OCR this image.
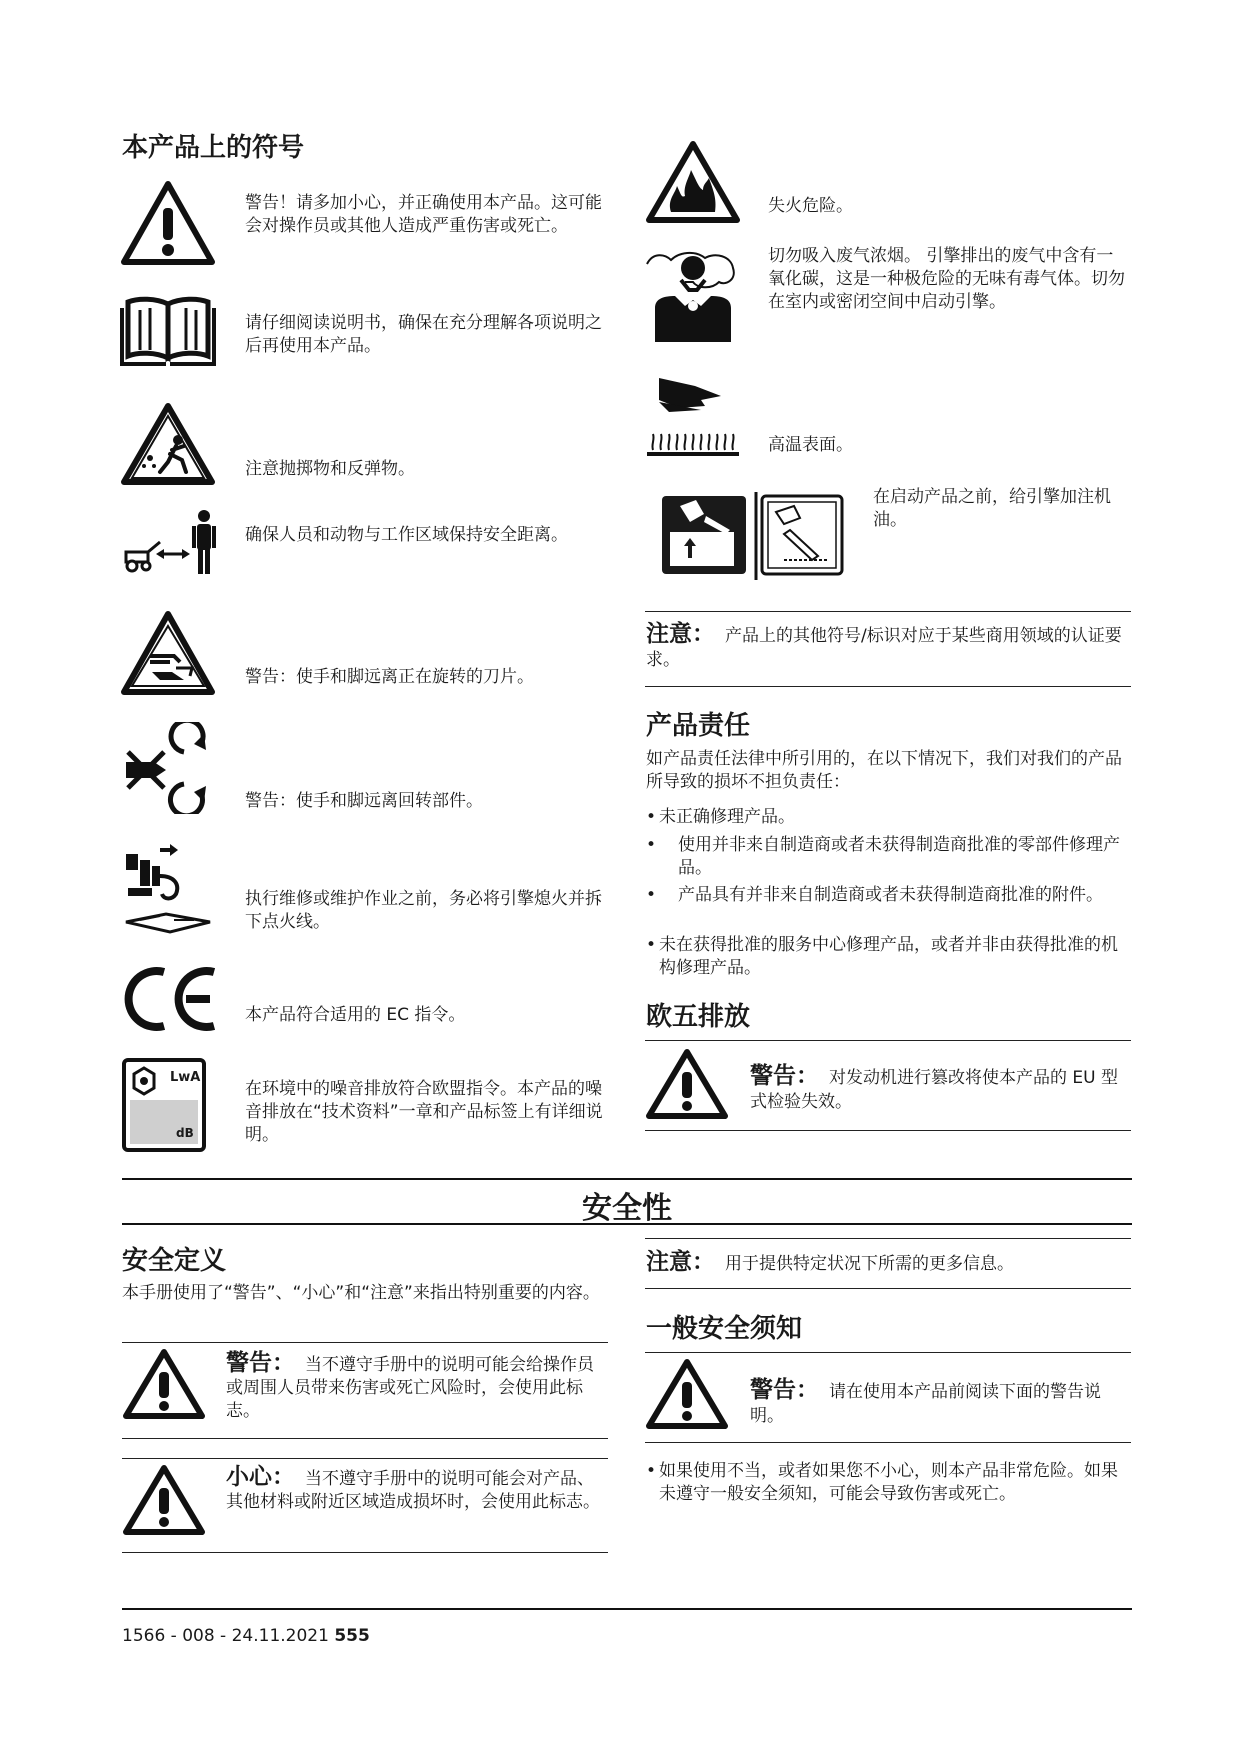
本产品上的符号
警告！请多加小心，并正确使用本产品。这可能会对操作员或其他人造成严重伤害或死亡。
请仔细阅读说明书，确保在充分理解各项说明之后再使用本产品。
注意抛掷物和反弹物。
确保人员和动物与工作区域保持安全距离。
警告：使手和脚远离正在旋转的刀片。
警告：使手和脚远离回转部件。
执行维修或维护作业之前，务必将引擎熄火并拆下点火线。
本产品符合适用的 EC 指令。
LwA
dB
在环境中的噪音排放符合欧盟指令。本产品的噪音排放在“技术资料”一章和产品标签上有详细说明。
失火危险。
切勿吸入废气浓烟。 引擎排出的废气中含有一氧化碳，这是一种极危险的无味有毒气体。切勿在室内或密闭空间中启动引擎。
高温表面。
在启动产品之前，给引擎加注机油。
注意： 产品上的其他符号/标识对应于某些商用领域的认证要求。
产品责任
如产品责任法律中所引用的，在以下情况下，我们对我们的产品所导致的损坏不担负责任：
• 未正确修理产品。
•	使用并非来自制造商或者未获得制造商批准的零部件修理产品。
•	产品具有并非来自制造商或者未获得制造商批准的附件。
• 未在获得批准的服务中心修理产品，或者并非由获得批准的机构修理产品。
欧五排放
警告： 对发动机进行篡改将使本产品的 EU 型式检验失效。
安全性
安全定义
本手册使用了“警告”、“小心”和“注意”来指出特别重要的内容。
警告： 当不遵守手册中的说明可能会给操作员或周围人员带来伤害或死亡风险时，会使用此标志。
小心： 当不遵守手册中的说明可能会对产品、其他材料或附近区域造成损坏时，会使用此标志。
注意： 用于提供特定状况下所需的更多信息。
一般安全须知
警告： 请在使用本产品前阅读下面的警告说明。
• 如果使用不当，或者如果您不小心，则本产品非常危险。如果未遵守一般安全须知，可能会导致伤害或死亡。
1566 - 008 - 24.11.2021 555
